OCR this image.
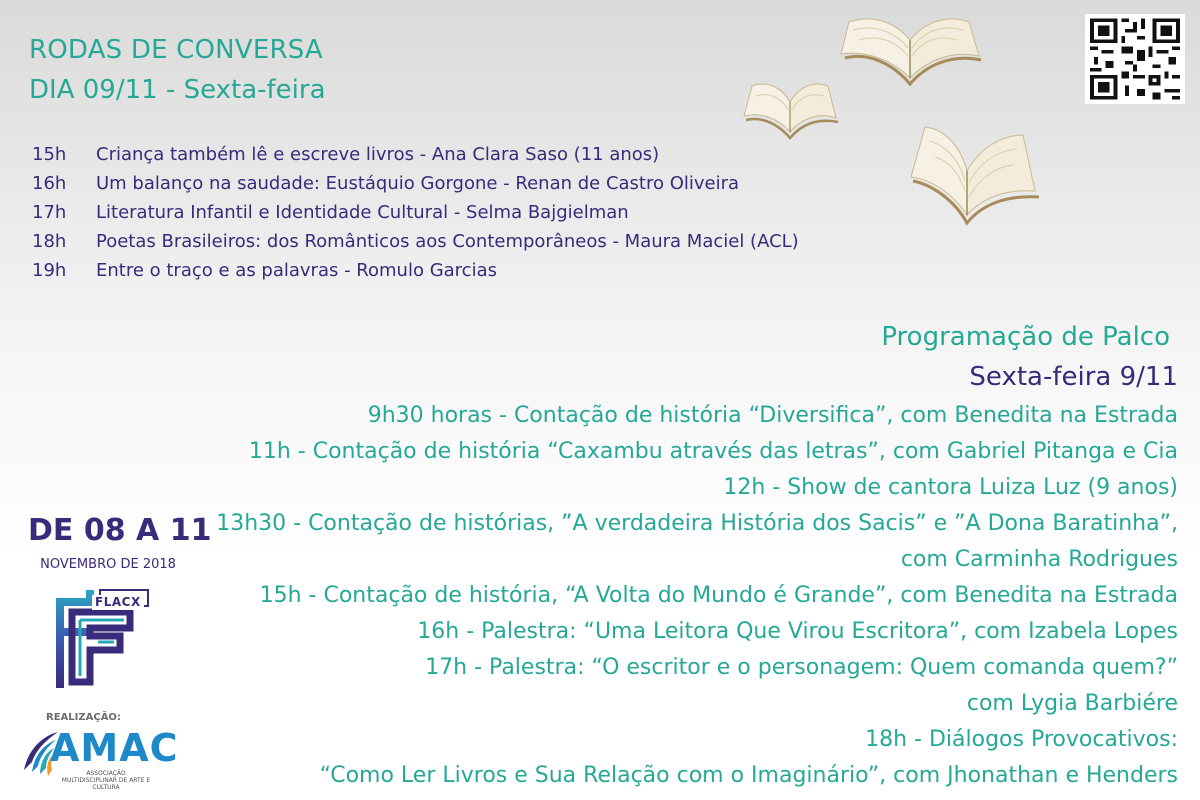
RODAS DE CONVERSA
DIA 09/11 - Sexta-feira
15h	Criança também lê e escreve livros - Ana Clara Saso (11 anos)
16h	Um balanço na saudade: Eustáquio Gorgone - Renan de Castro Oliveira
17h	Literatura Infantil e Identidade Cultural - Selma Bajgielman
18h	Poetas Brasileiros: dos Românticos aos Contemporâneos - Maura Maciel (ACL)
19h	Entre o traço e as palavras - Romulo Garcias
Programação de Palco
Sexta-feira 9/11
9h30 horas - Contação de história “Diversifica”, com Benedita na Estrada
11h - Contação de história “Caxambu através das letras”, com Gabriel Pitanga e Cia
12h - Show de cantora Luiza Luz (9 anos)
13h30 - Contação de histórias, ”A verdadeira História dos Sacis” e ”A Dona Baratinha”,
com Carminha Rodrigues
15h - Contação de história, “A Volta do Mundo é Grande”, com Benedita na Estrada
16h - Palestra: “Uma Leitora Que Virou Escritora”, com Izabela Lopes
17h - Palestra: “O escritor e o personagem: Quem comanda quem?”
com Lygia Barbiére
18h - Diálogos Provocativos:
“Como Ler Livros e Sua Relação com o Imaginário”, com Jhonathan e Henders
DE 08 A 11
NOVEMBRO DE 2018
FLACX
REALIZAÇÃO:
AMAC
ASSOCIAÇÃO MULTIDISCIPLINAR DE ARTE E CULTURA
